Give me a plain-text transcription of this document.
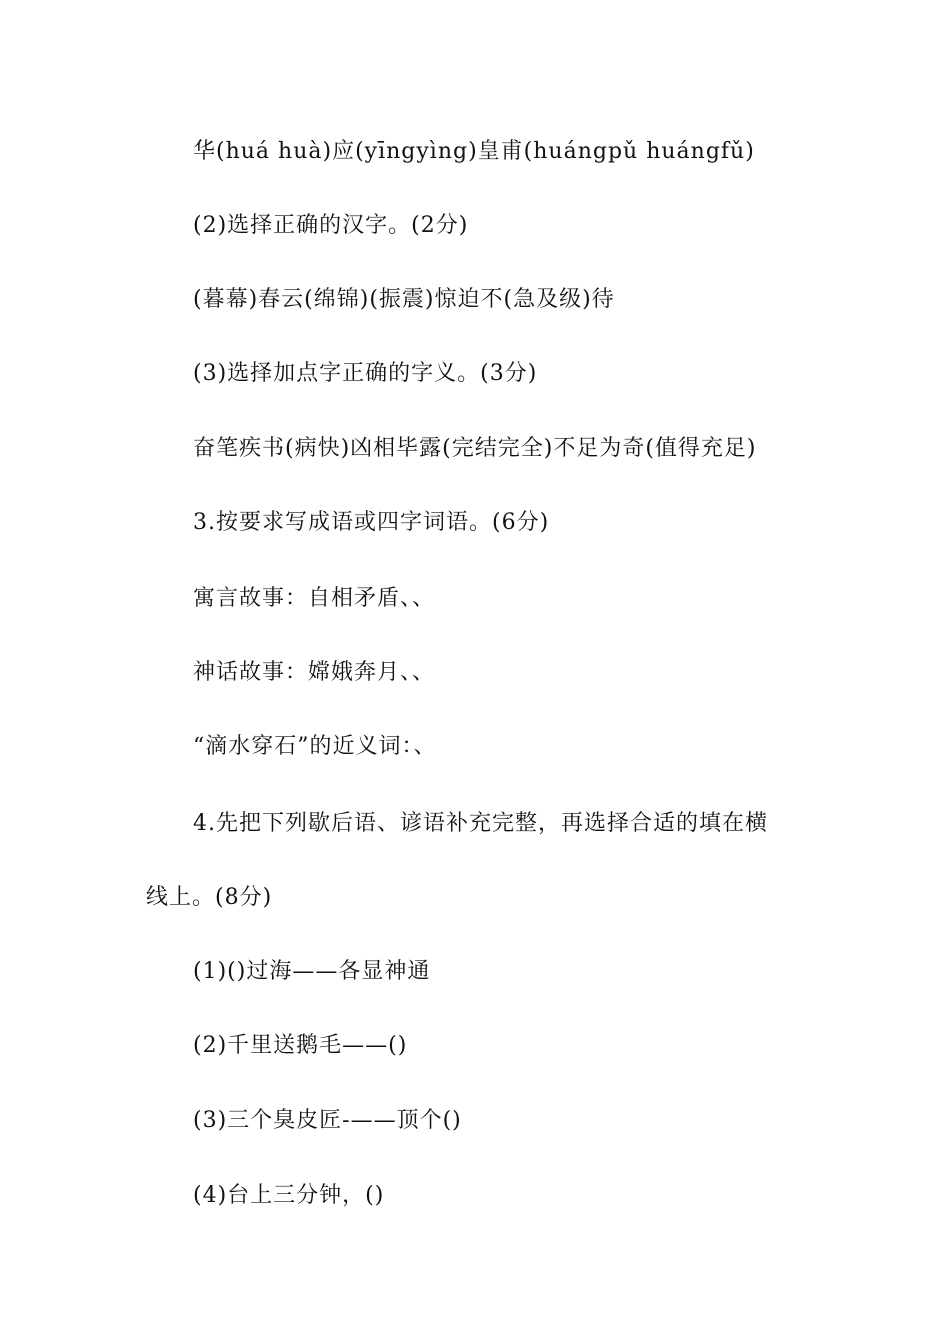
华(huá huà)应(yīngyìng)皇甫(huángpǔ huángfǔ)
(2)选择正确的汉字。(2分)
(暮幕)春云(绵锦)(振震)惊迫不(急及级)待
(3)选择加点字正确的字义。(3分)
奋笔疾书(病快)凶相毕露(完结完全)不足为奇(值得充足)
3.按要求写成语或四字词语。(6分)
寓言故事：自相矛盾、、
神话故事：嫦娥奔月、、
“滴水穿石”的近义词：、
4.先把下列歇后语、谚语补充完整，再选择合适的填在横
线上。(8分)
(1)()过海——各显神通
(2)千里送鹅毛——()
(3)三个臭皮匠-——顶个()
(4)台上三分钟，()
